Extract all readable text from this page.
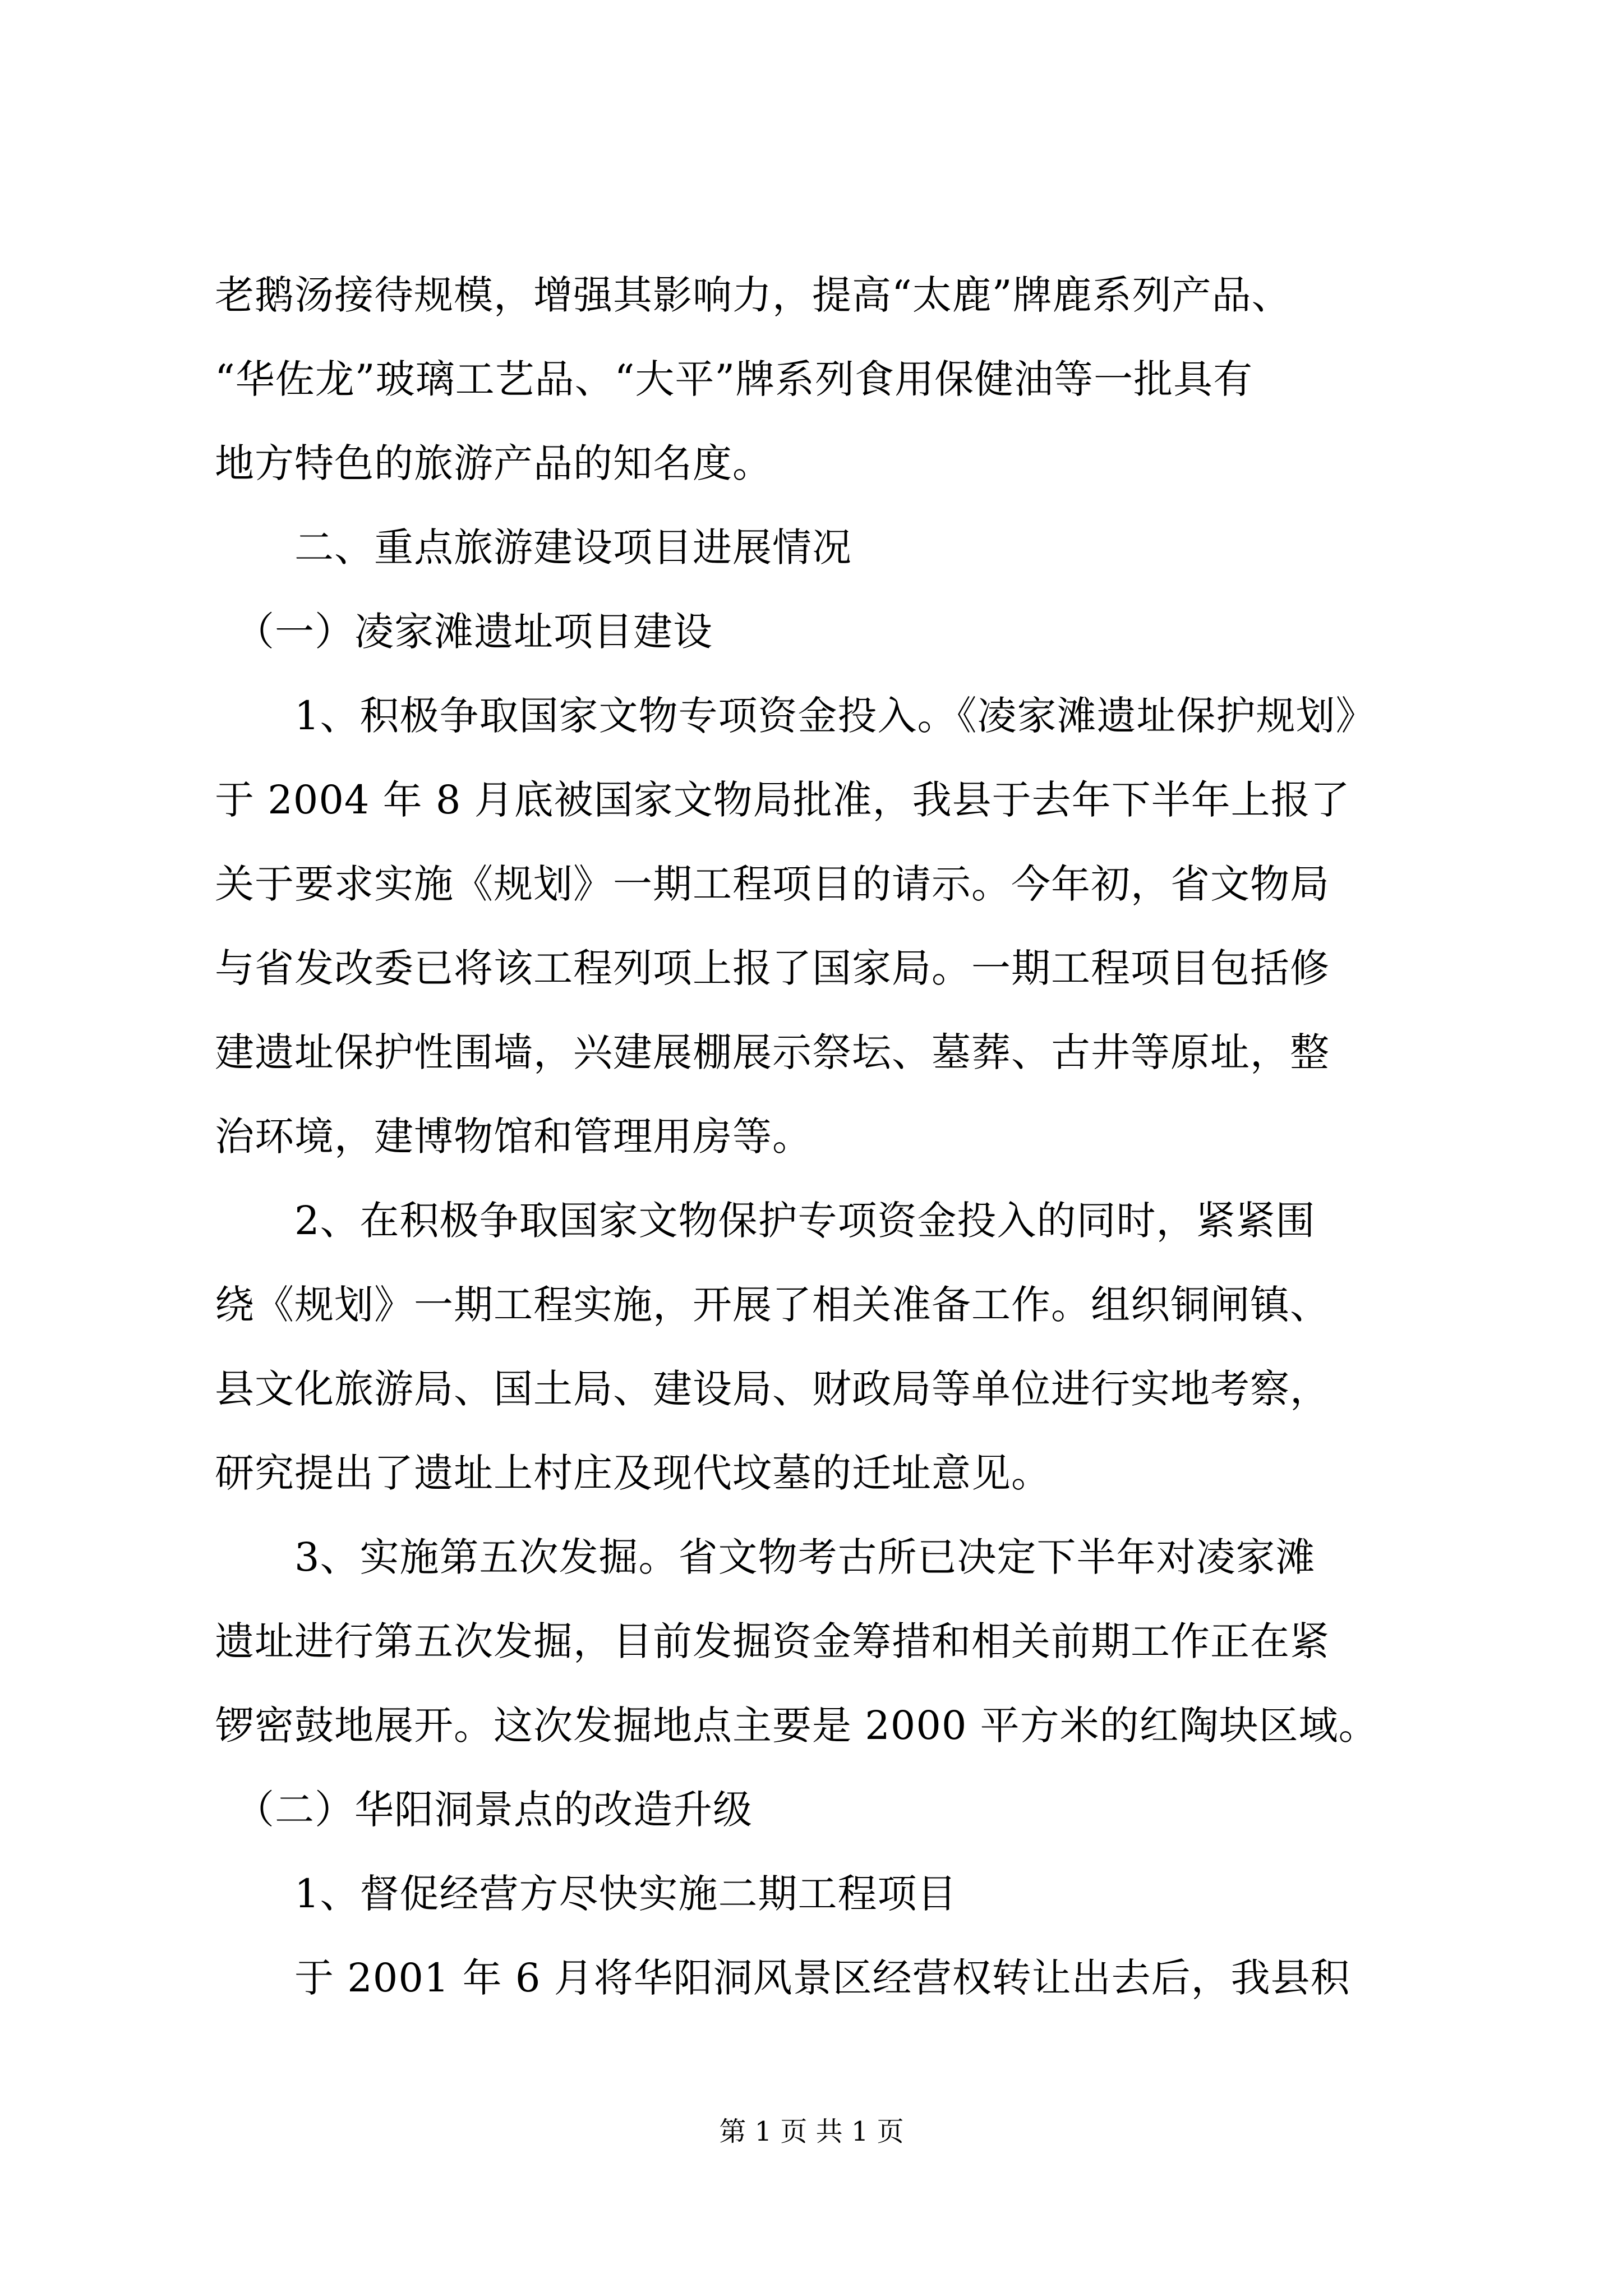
老鹅汤接待规模，增强其影响力，提高“太鹿”牌鹿系列产品、
“华佐龙”玻璃工艺品、“大平”牌系列食用保健油等一批具有
地方特色的旅游产品的知名度。
　　二、重点旅游建设项目进展情况
　（一）凌家滩遗址项目建设
　　1、积极争取国家文物专项资金投入。《凌家滩遗址保护规划》
于 2004 年 8 月底被国家文物局批准，我县于去年下半年上报了
关于要求实施《规划》一期工程项目的请示。今年初，省文物局
与省发改委已将该工程列项上报了国家局。一期工程项目包括修
建遗址保护性围墙，兴建展棚展示祭坛、墓葬、古井等原址，整
治环境，建博物馆和管理用房等。
　　2、在积极争取国家文物保护专项资金投入的同时，紧紧围
绕《规划》一期工程实施，开展了相关准备工作。组织铜闸镇、
县文化旅游局、国土局、建设局、财政局等单位进行实地考察，
研究提出了遗址上村庄及现代坟墓的迁址意见。
　　3、实施第五次发掘。省文物考古所已决定下半年对凌家滩
遗址进行第五次发掘，目前发掘资金筹措和相关前期工作正在紧
锣密鼓地展开。这次发掘地点主要是 2000 平方米的红陶块区域。
　（二）华阳洞景点的改造升级
　　1、督促经营方尽快实施二期工程项目
　　于 2001 年 6 月将华阳洞风景区经营权转让出去后，我县积
第 1 页 共 1 页
